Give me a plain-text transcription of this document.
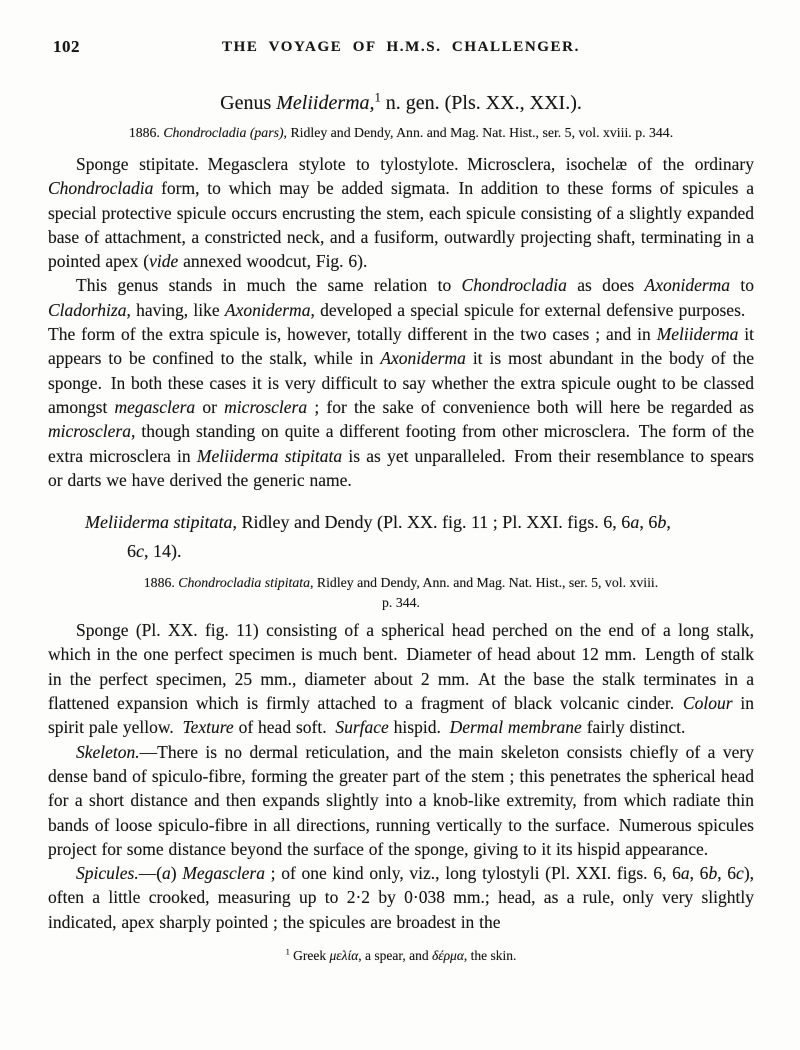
102	THE VOYAGE OF H.M.S. CHALLENGER.
Genus Meliiderma,$^1$ n. gen. (Pls. XX., XXI.).
1886. Chondrocladia (pars), Ridley and Dendy, Ann. and Mag. Nat. Hist., ser. 5, vol. xviii. p. 344.

Sponge stipitate. Megasclera stylote to tylostylote. Microsclera, isochelæ of the ordinary Chondrocladia form, to which may be added sigmata. In addition to these forms of spicules a special protective spicule occurs encrusting the stem, each spicule consisting of a slightly expanded base of attachment, a constricted neck, and a fusiform, outwardly projecting shaft, terminating in a pointed apex (vide annexed woodcut, Fig. 6).

This genus stands in much the same relation to Chondrocladia as does Axoniderma to Cladorhiza, having, like Axoniderma, developed a special spicule for external defensive purposes. The form of the extra spicule is, however, totally different in the two cases ; and in Meliiderma it appears to be confined to the stalk, while in Axoniderma it is most abundant in the body of the sponge. In both these cases it is very difficult to say whether the extra spicule ought to be classed amongst megasclera or microsclera ; for the sake of convenience both will here be regarded as microsclera, though standing on quite a different footing from other microsclera. The form of the extra microsclera in Meliiderma stipitata is as yet unparalleled. From their resemblance to spears or darts we have derived the generic name.

Meliiderma stipitata, Ridley and Dendy (Pl. XX. fig. 11 ; Pl. XXI. figs. 6, 6a, 6b,
6c, 14).
1886. Chondrocladia stipitata, Ridley and Dendy, Ann. and Mag. Nat. Hist., ser. 5, vol. xviii.
p. 344.

Sponge (Pl. XX. fig. 11) consisting of a spherical head perched on the end of a long stalk, which in the one perfect specimen is much bent. Diameter of head about 12 mm. Length of stalk in the perfect specimen, 25 mm., diameter about 2 mm. At the base the stalk terminates in a flattened expansion which is firmly attached to a fragment of black volcanic cinder. Colour in spirit pale yellow. Texture of head soft. Surface hispid. Dermal membrane fairly distinct.

Skeleton.—There is no dermal reticulation, and the main skeleton consists chiefly of a very dense band of spiculo-fibre, forming the greater part of the stem ; this penetrates the spherical head for a short distance and then expands slightly into a knob-like extremity, from which radiate thin bands of loose spiculo-fibre in all directions, running vertically to the surface. Numerous spicules project for some distance beyond the surface of the sponge, giving to it its hispid appearance.

Spicules.—(a) Megasclera ; of one kind only, viz., long tylostyli (Pl. XXI. figs. 6, 6a, 6b, 6c), often a little crooked, measuring up to 2·2 by 0·038 mm.; head, as a rule, only very slightly indicated, apex sharply pointed ; the spicules are broadest in the

$^1$ Greek μελία, a spear, and δέρμα, the skin.
